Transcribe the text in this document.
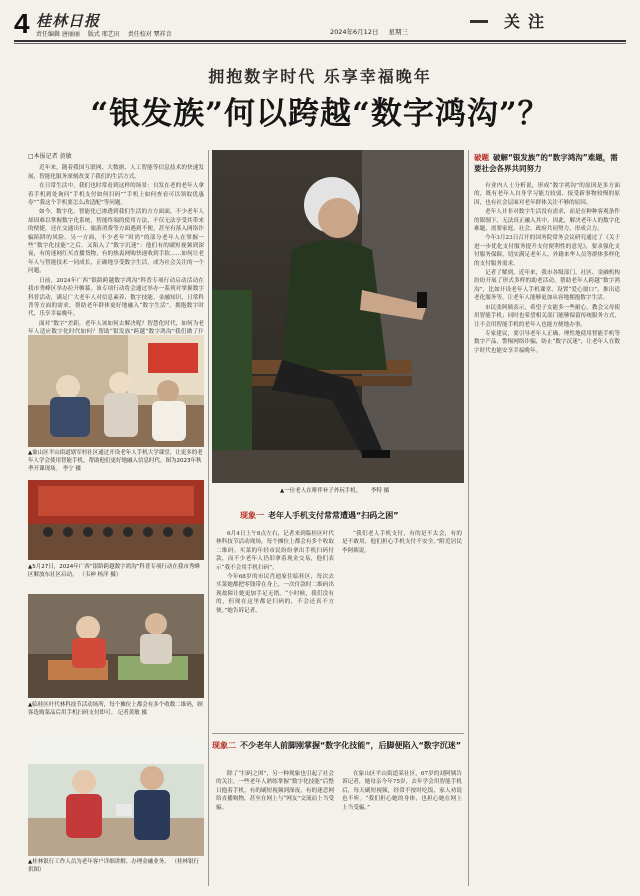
4 桂林日报
责任编辑 唐丽丽 版式 邢艺田 责任校对 覃祥音	2024年6月12日 星期三
关注
拥抱数字时代 乐享幸福晚年
“银发族”何以跨越“数字鸿沟”？
□本报记者 黄敏

近年来，随着我国互联网、大数据、人工智能等信息技术的快速发展，智能化服务深刻改变了我们的生活方式。

在日常生活中，我们也时常看到这样的场景：自发在老的老年人拿着手机到处询问“手机支付如何扫码”“手机上如何查看可以领取优惠券”“我这个手机要怎么改适配”等问题。

如今，数字化、智能化已渗透到我们生活的方方面面，不少老年人却因难以掌握数字化系统，智能终端的使用方法，不仅无法享受其带来的便捷，还在交通出行、旅游消费等方面遇到不便，甚至有落入网络诈骗陷阱的风险。另一方面，不少老年“时尚”的部分老年人在掌握一些“数字化技能”之后，又陷入了“数字沉迷”：他们有的刷短视频到深夜，有的迷网红买直播货物，有的热衷网购快递收到手软……如何让老年人与智能技术一同成长，正确地享受数字生活，成为社会关注的一个问题。

日前，2024年广西“银龄跨越数字鸿沟”科普专项行动启动活动在我市秀峰区举办拉开帷幕。该专项行动将会通过举办一系列对掌握数字科普活动，满足广大老年人对信息素养、数字技能、金融知识、日常科普等方面的需求，帮助老年群体更好地融入“数字生活”，拥抱数字时代，乐享幸福晚年。

面对“数字”差距，老年人该如何去解决呢？智慧化时代，如何为老年人适应数字化时代如何？帮助“银发族”跨越“数字鸿沟”我们做了什

▲象山区平山街道辖军村社区通过开设老年人手机大学课堂，让更多的老年人学会使用智能手机，帮助他们更好地融入信息时代。图为2023年秋季开课现场。 李宁 摄
▲5月27日，2024年广西“银龄跨越数字鸿沟”科普专项行动在我市秀峰区解放东社区启动。 （韦神 杨洋 摄）
▲临桂区叶代林科技节活动场所，每个摊位上都会有多个收数二维码，顾客选购菜品后用手机扫码支付即可。 记者黄敏 摄
▲桂林银行工作人员为老年客户详细讲解、办理金融业务。 （桂林银行供图）
▲一位老人在啡伴补子外玩手机。 李特 摄
现象一 老年人手机支付常常遭遇“扫码之困”

6月4日上午8点左右，记者来到临桂区叶代林科技节活动现场，每个摊位上都会有多个收取二维码。买菜的年轻市民纷纷拿出手机扫码付款，而不少老年人仍旧拿着现金交易，他们表示“我不会用手机扫码”。

今年68岁的市民肖迪家住临桂区，每次去买菜她都把零钱带在身上，一次付款时二维码出现故障让她更加手足无措。“小时候，我们没有的，但现在这里都是扫码的，不会还真不方便。”她告诉记者。

“我们老人手机支付，有的是不太会，有的是不敢用，他们担心手机支付不安全。”附近居民李阿姨说。

现象二 不少老年人前脚刚掌握“数字化技能”，后脚便陷入“数字沉迷”

除了“扫码之困”，另一种现象也引起了社会的关注，一些老年人熟练掌握“数字化技能”后整日抱着手机，有的刷短视频到深夜，有的迷恋网络直播购物，甚至在网上与“网友”交流而上当受骗。

在象山区平山街道某社区，67岁的刘阿姨告诉记者，她母亲今年75岁，去年学会用智能手机后，每天刷短视频，经常不按时吃饭，家人劝说也不听。“我们担心她的身体，也担心她在网上上当受骗。”

破题 破解“银发族”的“数字鸿沟”难题，需要社会各界共同努力

有业内人士分析说，形成“数字鸿沟”的原因是多方面的，既有老年人自身学习能力较弱、接受新事物较慢的原因，也有社会层面对老年群体关注不够的原因。

老年人并非对数字生活没有需求，而是在种种客观条件的限制下，无法真正融入其中。因此，解决老年人的数字化难题，需要家庭、社会、政府共同努力，形成合力。

今年3月23日召开的国务院常务会议研究通过了《关于进一步优化支付服务提升支付便利性的意见》，要求强化支付服务保障，切实满足老年人、外籍来华人员等群体多样化的支付服务需求。

记者了解到，近年来，我市各级部门、社区、金融机构纷纷开展了形式多样的助老活动，帮助老年人跨越“数字鸿沟”，比如开设老年人手机课堂、设置“爱心窗口”、推出适老化服务等，让老年人能够更加从容地拥抱数字生活。

市民张阿姨表示，希望子女能多一些耐心，教会父母使用智能手机；同时也希望相关部门能够保留传统服务方式，让不会用智能手机的老年人也能方便地办事。

专家建议，要引导老年人正确、理性地使用智能手机等数字产品，警惕网络诈骗，防止“数字沉迷”，让老年人在数字时代也能安享幸福晚年。
